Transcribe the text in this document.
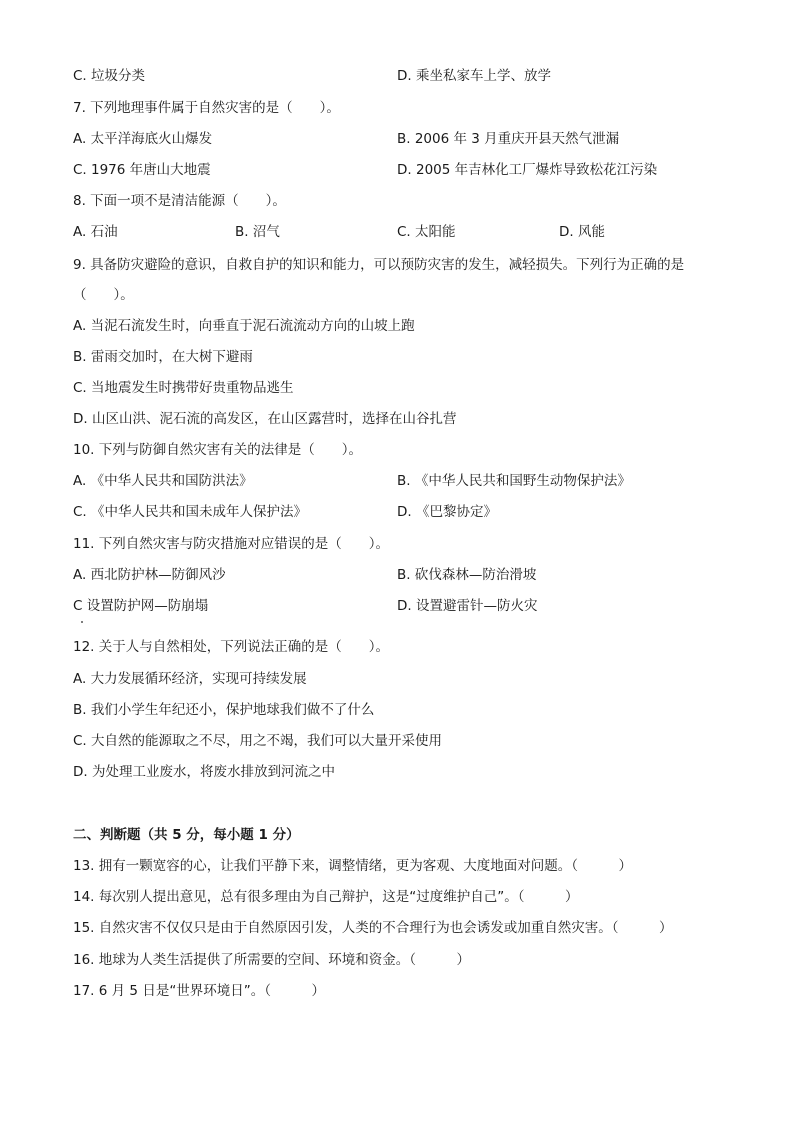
C. 垃圾分类	D. 乘坐私家车上学、放学
7. 下列地理事件属于自然灾害的是（　　）。
A. 太平洋海底火山爆发	B. 2006 年 3 月重庆开县天然气泄漏
C. 1976 年唐山大地震	D. 2005 年吉林化工厂爆炸导致松花江污染
8. 下面一项不是清洁能源（　　）。
A. 石油	B. 沼气	C. 太阳能	D. 风能
9. 具备防灾避险的意识，自救自护的知识和能力，可以预防灾害的发生，减轻损失。下列行为正确的是
（　　）。
A. 当泥石流发生时，向垂直于泥石流流动方向的山坡上跑
B. 雷雨交加时，在大树下避雨
C. 当地震发生时携带好贵重物品逃生
D. 山区山洪、泥石流的高发区，在山区露营时，选择在山谷扎营
10. 下列与防御自然灾害有关的法律是（　　）。
A. 《中华人民共和国防洪法》	B. 《中华人民共和国野生动物保护法》
C. 《中华人民共和国未成年人保护法》	D. 《巴黎协定》
11. 下列自然灾害与防灾措施对应错误的是（　　）。
A. 西北防护林—防御风沙	B. 砍伐森林—防治滑坡
C 设置防护网—防崩塌	D. 设置避雷针—防火灾
12. 关于人与自然相处，下列说法正确的是（　　）。
A. 大力发展循环经济，实现可持续发展
B. 我们小学生年纪还小，保护地球我们做不了什么
C. 大自然的能源取之不尽，用之不竭，我们可以大量开采使用
D. 为处理工业废水，将废水排放到河流之中
二、判断题（共 5 分，每小题 1 分）
13. 拥有一颗宽容的心，让我们平静下来，调整情绪，更为客观、大度地面对问题。（　　　）
14. 每次别人提出意见，总有很多理由为自己辩护，这是“过度维护自己”。（　　　）
15. 自然灾害不仅仅只是由于自然原因引发，人类的不合理行为也会诱发或加重自然灾害。（　　　）
16. 地球为人类生活提供了所需要的空间、环境和资金。（　　　）
17. 6 月 5 日是“世界环境日”。（　　　）
